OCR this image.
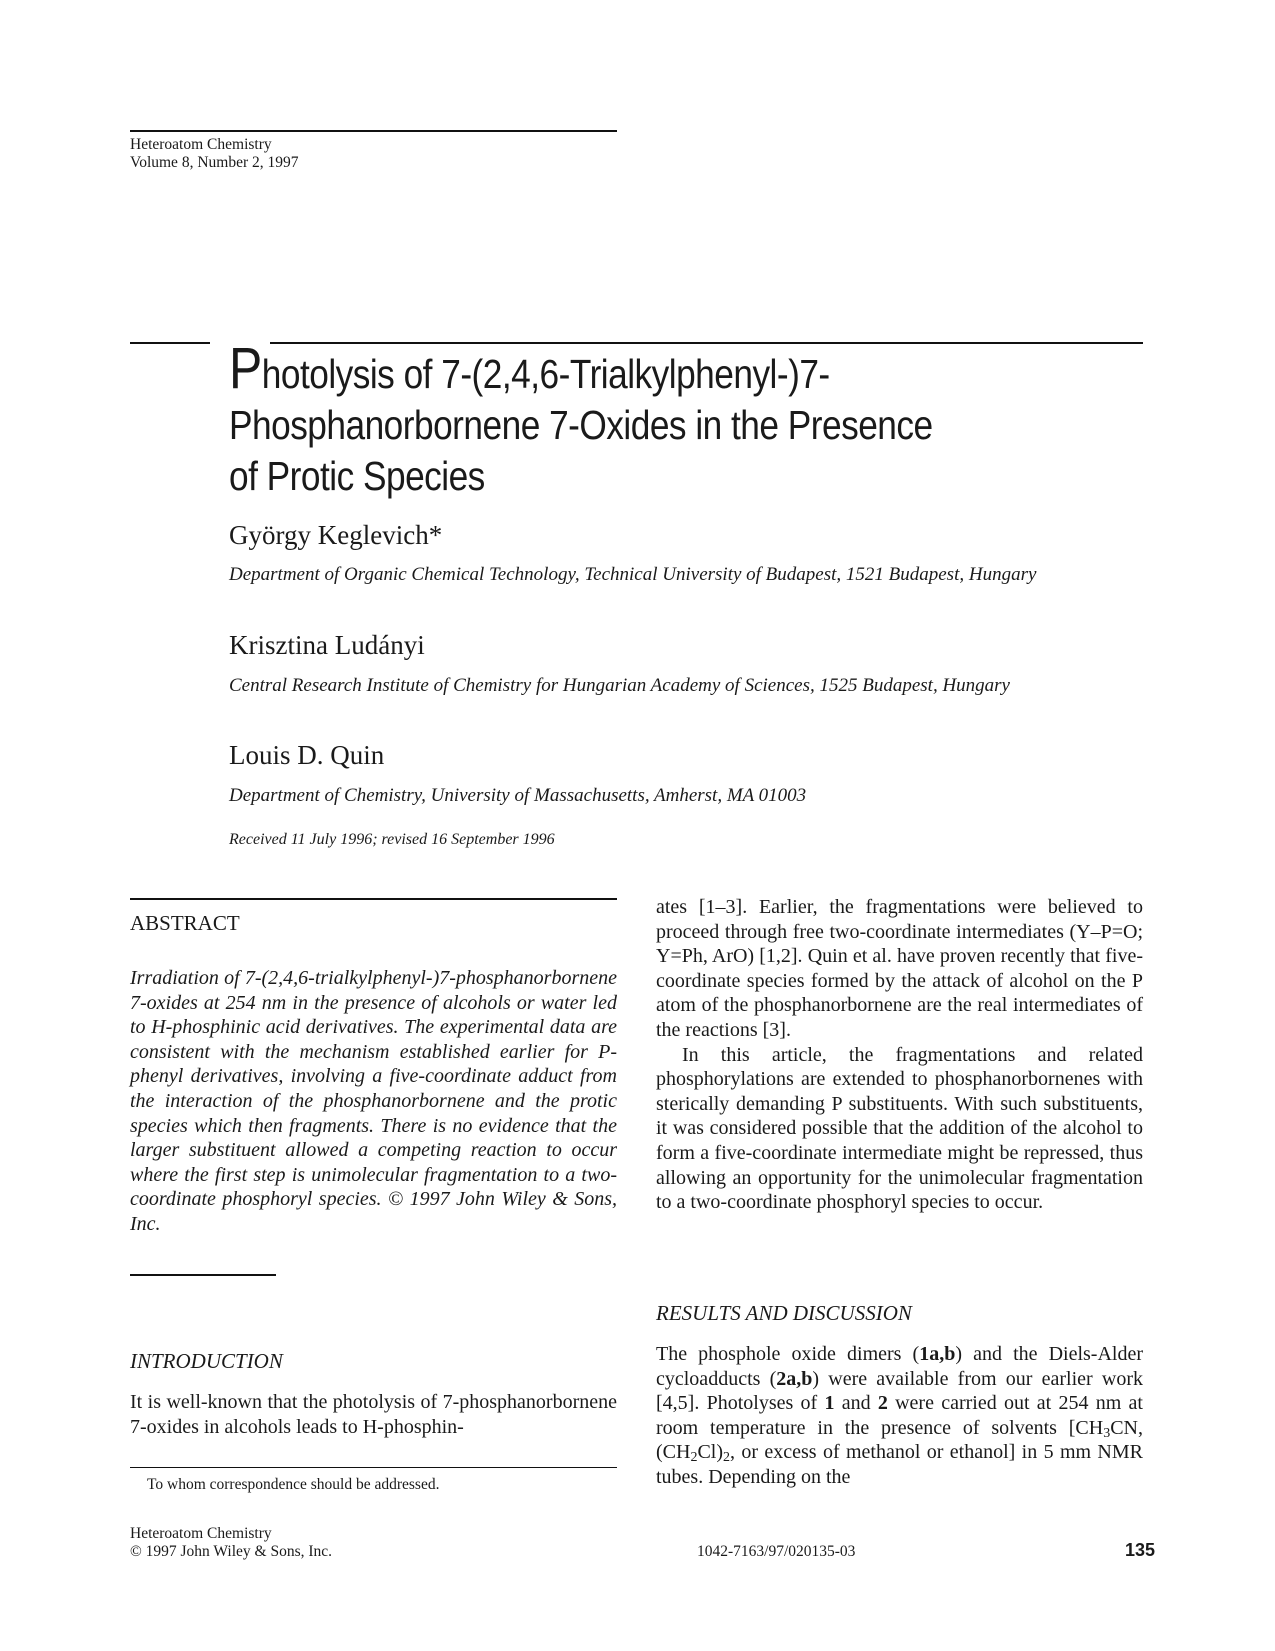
Heteroatom Chemistry
Volume 8, Number 2, 1997
Photolysis of 7-(2,4,6-Trialkylphenyl-)7-
Phosphanorbornene 7-Oxides in the Presence
of Protic Species
György Keglevich*
Department of Organic Chemical Technology, Technical University of Budapest, 1521 Budapest, Hungary
Krisztina Ludányi
Central Research Institute of Chemistry for Hungarian Academy of Sciences, 1525 Budapest, Hungary
Louis D. Quin
Department of Chemistry, University of Massachusetts, Amherst, MA 01003
Received 11 July 1996; revised 16 September 1996
ABSTRACT

Irradiation of 7-(2,4,6-trialkylphenyl-)7-phosphanorbornene 7-oxides at 254 nm in the presence of alcohols or water led to H-phosphinic acid derivatives. The experimental data are consistent with the mechanism established earlier for P-phenyl derivatives, involving a five-coordinate adduct from the interaction of the phosphanorbornene and the protic species which then fragments. There is no evidence that the larger substituent allowed a competing reaction to occur where the first step is unimolecular fragmentation to a two-coordinate phosphoryl species. © 1997 John Wiley & Sons, Inc.

INTRODUCTION

It is well-known that the photolysis of 7-phosphanorbornene 7-oxides in alcohols leads to H-phosphin-

To whom correspondence should be addressed.

ates [1–3]. Earlier, the fragmentations were believed to proceed through free two-coordinate intermediates (Y–P=O; Y=Ph, ArO) [1,2]. Quin et al. have proven recently that five-coordinate species formed by the attack of alcohol on the P atom of the phosphanorbornene are the real intermediates of the reactions [3].

In this article, the fragmentations and related phosphorylations are extended to phosphanorbornenes with sterically demanding P substituents. With such substituents, it was considered possible that the addition of the alcohol to form a five-coordinate intermediate might be repressed, thus allowing an opportunity for the unimolecular fragmentation to a two-coordinate phosphoryl species to occur.

RESULTS AND DISCUSSION

The phosphole oxide dimers (1a,b) and the Diels-Alder cycloadducts (2a,b) were available from our earlier work [4,5]. Photolyses of 1 and 2 were carried out at 254 nm at room temperature in the presence of solvents [$CH_3CN$, $(CH_2Cl)_2$, or excess of methanol or ethanol] in 5 mm NMR tubes. Depending on the

Heteroatom Chemistry
© 1997 John Wiley & Sons, Inc.	1042-7163/97/020135-03	135
